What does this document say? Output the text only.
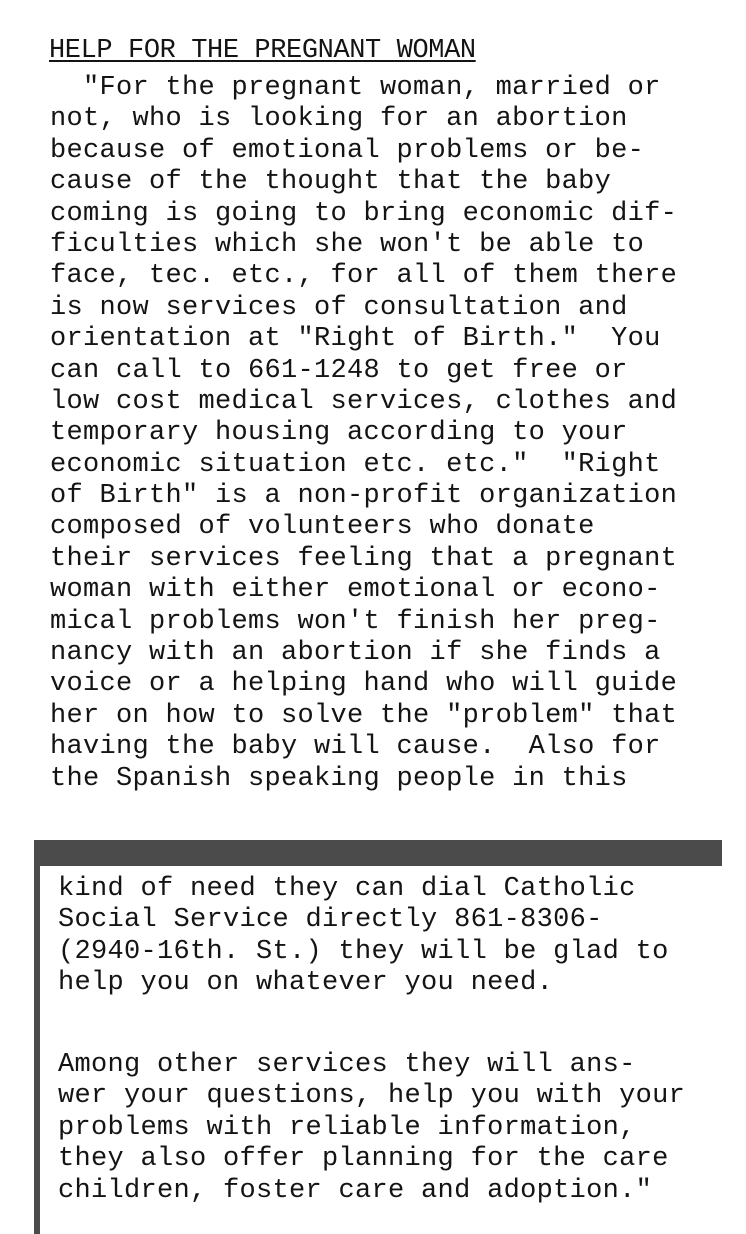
HELP FOR THE PREGNANT WOMAN
"For the pregnant woman, married or
not, who is looking for an abortion
because of emotional problems or be-
cause of the thought that the baby
coming is going to bring economic dif-
ficulties which she won't be able to
face, tec. etc., for all of them there
is now services of consultation and
orientation at "Right of Birth."  You
can call to 661-1248 to get free or
low cost medical services, clothes and
temporary housing according to your
economic situation etc. etc."  "Right
of Birth" is a non-profit organization
composed of volunteers who donate
their services feeling that a pregnant
woman with either emotional or econo-
mical problems won't finish her preg-
nancy with an abortion if she finds a
voice or a helping hand who will guide
her on how to solve the "problem" that
having the baby will cause.  Also for
the Spanish speaking people in this
kind of need they can dial Catholic
Social Service directly 861-8306-
(2940-16th. St.) they will be glad to
help you on whatever you need.
Among other services they will ans-
wer your questions, help you with your
problems with reliable information,
they also offer planning for the care
children, foster care and adoption."
